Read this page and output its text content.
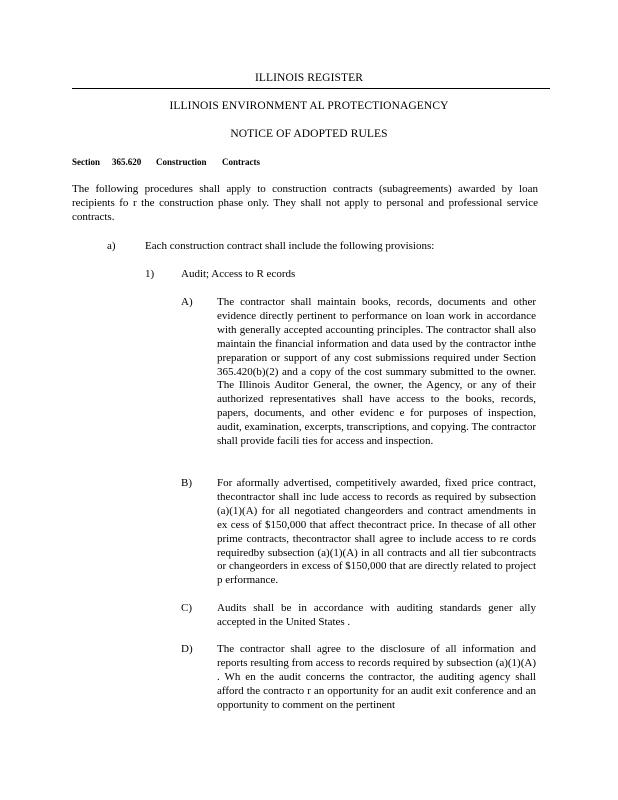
ILLINOIS REGISTER
ILLINOIS ENVIRONMENT AL PROTECTIONAGENCY
NOTICE OF ADOPTED RULES
Section 365.620 Construction Contracts
The following procedures shall apply to construction contracts (subagreements) awarded by loan recipients fo r the construction phase only. They shall not apply to personal and professional service contracts.
a)	Each construction contract shall include the following provisions:
1) Audit; Access to R ecords
A) The contractor shall maintain books, records, documents and other evidence directly pertinent to performance on loan work in accordance with generally accepted accounting principles. The contractor shall also maintain the financial information and data used by the contractor inthe preparation or support of any cost submissions required under Section 365.420(b)(2) and a copy of the cost summary submitted to the owner. The Illinois Auditor General, the owner, the Agency, or any of their authorized representatives shall have access to the books, records, papers, documents, and other evidenc e for purposes of inspection, audit, examination, excerpts, transcriptions, and copying. The contractor shall provide facili ties for access and inspection.
B) For aformally advertised, competitively awarded, fixed price contract, thecontractor shall inc lude access to records as required by subsection (a)(1)(A) for all negotiated changeorders and contract amendments in ex cess of $150,000 that affect thecontract price. In thecase of all other prime contracts, thecontractor shall agree to include access to re cords requiredby subsection (a)(1)(A) in all contracts and all tier subcontracts or changeorders in excess of $150,000 that are directly related to project p erformance.
C) Audits shall be in accordance with auditing standards gener ally accepted in the United States .
D) The contractor shall agree to the disclosure of all information and reports resulting from access to records required by subsection (a)(1)(A) . Wh en the audit concerns the contractor, the auditing agency shall afford the contracto r an opportunity for an audit exit conference and an opportunity to comment on the pertinent
